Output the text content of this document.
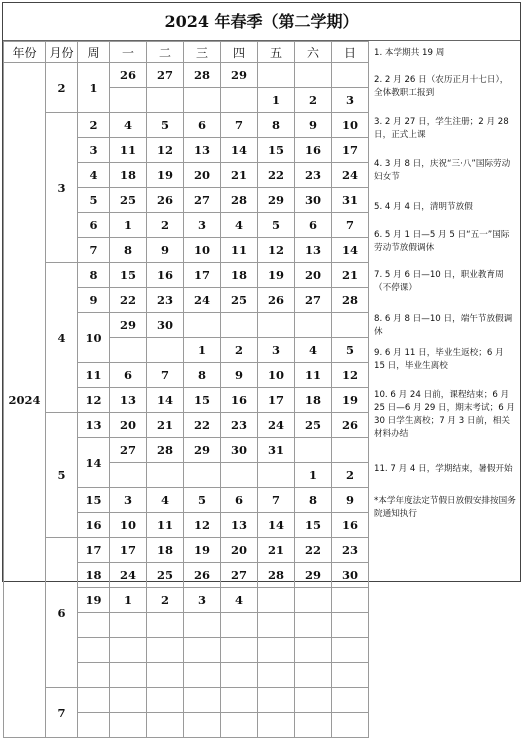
2024 年春季（第二学期）
年份	月份	周	一	二	三	四	五	六	日
2024	2	1	26	27	28	29			
							1	2	3
	3	2	4	5	6	7	8	9	10
		3	11	12	13	14	15	16	17
		4	18	19	20	21	22	23	24
		5	25	26	27	28	29	30	31
		6	1	2	3	4	5	6	7
		7	8	9	10	11	12	13	14
	4	8	15	16	17	18	19	20	21
		9	22	23	24	25	26	27	28
		10	29	30					
					1	2	3	4	5
		11	6	7	8	9	10	11	12
		12	13	14	15	16	17	18	19
	5	13	20	21	22	23	24	25	26
		14	27	28	29	30	31		
								1	2
		15	3	4	5	6	7	8	9
		16	10	11	12	13	14	15	16
	6	17	17	18	19	20	21	22	23
		18	24	25	26	27	28	29	30
		19	1	2	3	4			

	7								

1. 本学期共 19 周
2. 2 月 26 日（农历正月十七日），全体教职工报到
3. 2 月 27 日，学生注册；2 月 28 日，正式上课
4. 3 月 8 日，庆祝“三·八”国际劳动妇女节
5. 4 月 4 日，清明节放假
6. 5 月 1 日—5 月 5 日“五一”国际劳动节放假调休
7. 5 月 6 日—10 日，职业教育周（不停课）
8. 6 月 8 日—10 日，端午节放假调休
9. 6 月 11 日，毕业生返校；6 月 15 日，毕业生离校
10. 6 月 24 日前，课程结束；6 月 25 日—6 月 29 日，期末考试；6 月 30 日学生离校；7 月 3 日前，相关材料办结
11. 7 月 4 日，学期结束，暑假开始
*本学年度法定节假日放假安排按国务院通知执行
